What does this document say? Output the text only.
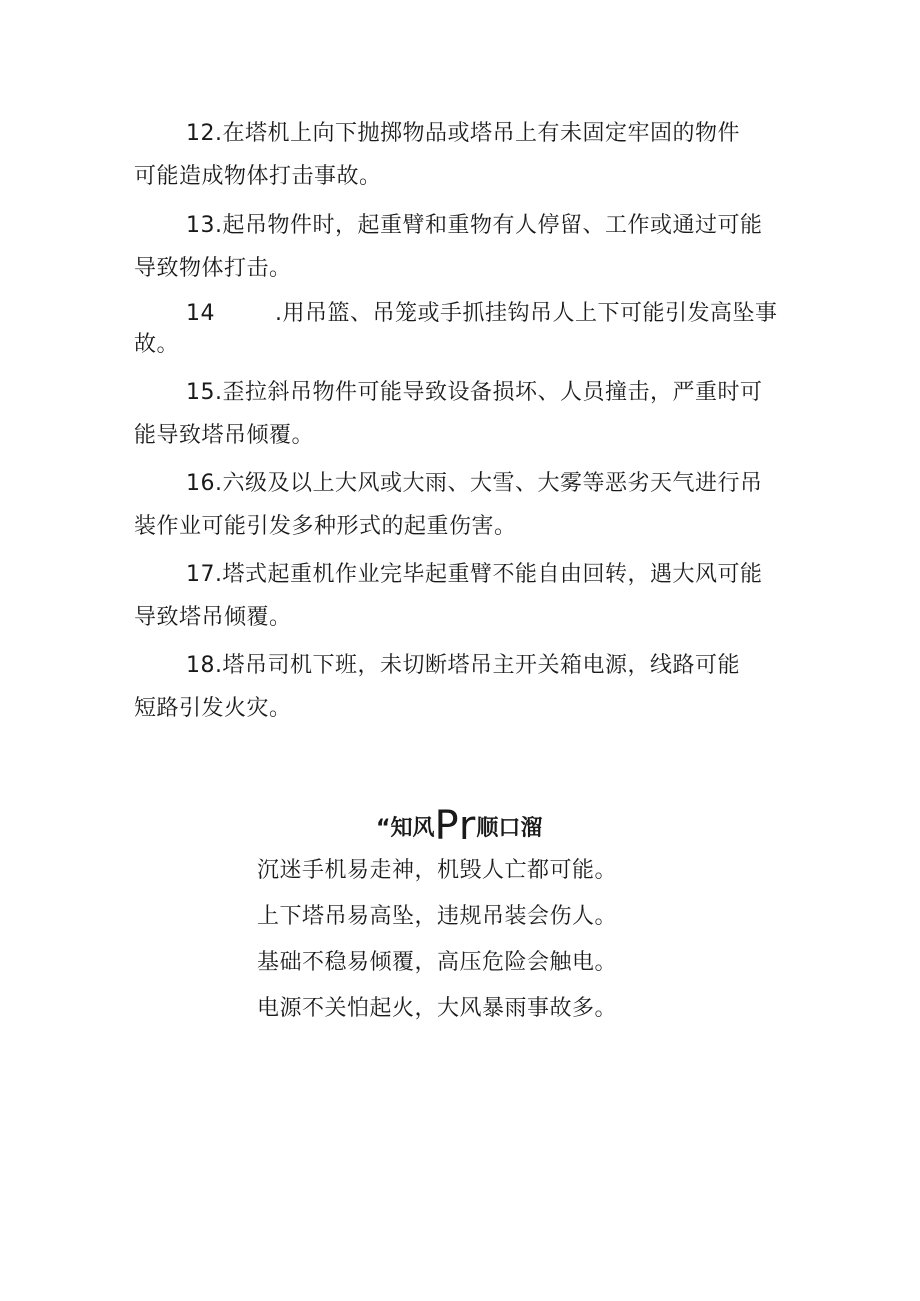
12.在塔机上向下抛掷物品或塔吊上有未固定牢固的物件
可能造成物体打击事故。
13.起吊物件时，起重臂和重物有人停留、工作或通过可能
导致物体打击。
14        .用吊篮、吊笼或手抓挂钩吊人上下可能引发高坠事
故。
15.歪拉斜吊物件可能导致设备损坏、人员撞击，严重时可
能导致塔吊倾覆。
16.六级及以上大风或大雨、大雪、大雾等恶劣天气进行吊
装作业可能引发多种形式的起重伤害。
17.塔式起重机作业完毕起重臂不能自由回转，遇大风可能
导致塔吊倾覆。
18.塔吊司机下班，未切断塔吊主开关箱电源，线路可能
短路引发火灾。
“知风Pr顺口溜
沉迷手机易走神，机毁人亡都可能。
上下塔吊易高坠，违规吊装会伤人。
基础不稳易倾覆，高压危险会触电。
电源不关怕起火，大风暴雨事故多。
